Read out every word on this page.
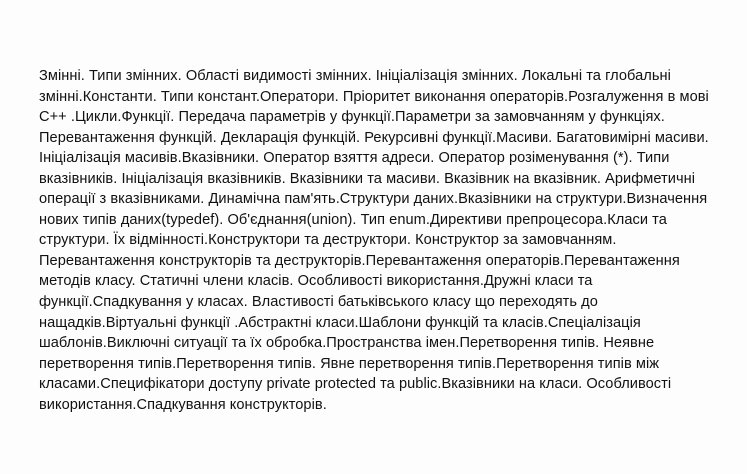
Змінні. Типи змінних. Області видимості змінних. Ініціалізація змінних. Локальні та глобальні
змінні.Константи. Типи констант.Оператори. Пріоритет виконання операторів.Розгалуження в мові
С++ .Цикли.Функції. Передача параметрів у функції.Параметри за замовчанням у функціях.
Перевантаження функцій. Декларація функцій. Рекурсивні функції.Масиви. Багатовимірні масиви.
Ініціалізація масивів.Вказівники. Оператор взяття адреси. Оператор розіменування (*). Типи
вказівників. Ініціалізація вказівників. Вказівники та масиви. Вказівник на вказівник. Арифметичні
операції з вказівниками. Динамічна пам'ять.Структури даних.Вказівники на структури.Визначення
нових типів даних(typedef). Об'єднання(union). Тип enum.Директиви препроцесора.Класи та
структури. Їх відмінності.Конструктори та деструктори. Конструктор за замовчанням.
Перевантаження конструкторів та деструкторів.Перевантаження операторів.Перевантаження
методів класу. Статичні члени класів. Особливості використання.Дружні класи та
функції.Спадкування у класах. Властивості батьківського класу що переходять до
нащадків.Віртуальні функції .Абстрактні класи.Шаблони функцій та класів.Спеціалізація
шаблонів.Виключні ситуації та їх обробка.Пространства імен.Перетворення типів. Неявне
перетворення типів.Перетворення типів. Явне перетворення типів.Перетворення типів між
класами.Специфікатори доступу private protected та public.Вказівники на класи. Особливості
використання.Спадкування конструкторів.
